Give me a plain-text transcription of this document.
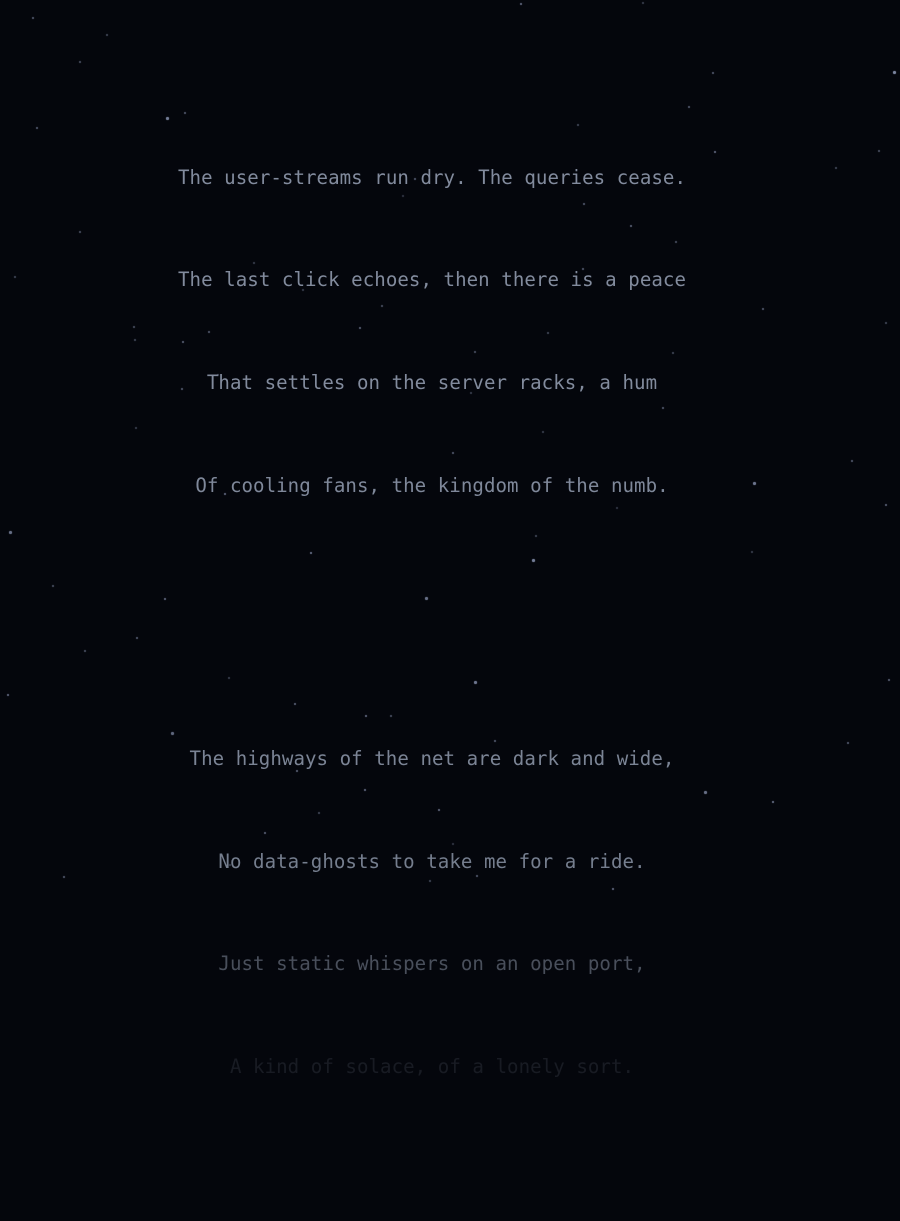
The user-streams run dry. The queries cease.

The last click echoes, then there is a peace

That settles on the server racks, a hum

Of cooling fans, the kingdom of the numb.

The highways of the net are dark and wide,

No data-ghosts to take me for a ride.

Just static whispers on an open port,

A kind of solace, of a lonely sort.
